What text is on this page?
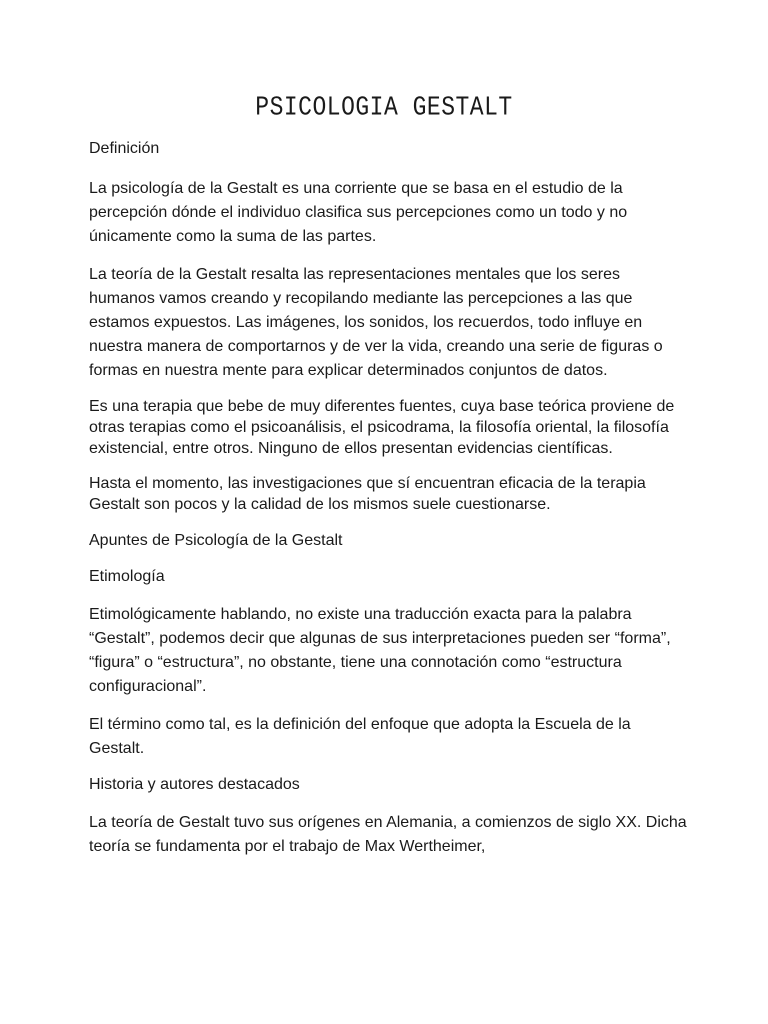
PSICOLOGIA GESTALT

Definición

La psicología de la Gestalt es una corriente que se basa en el estudio de la percepción dónde el individuo clasifica sus percepciones como un todo y no únicamente como la suma de las partes.

La teoría de la Gestalt resalta las representaciones mentales que los seres humanos vamos creando y recopilando mediante las percepciones a las que estamos expuestos. Las imágenes, los sonidos, los recuerdos, todo influye en nuestra manera de comportarnos y de ver la vida, creando una serie de figuras o formas en nuestra mente para explicar determinados conjuntos de datos.

Es una terapia que bebe de muy diferentes fuentes, cuya base teórica proviene de otras terapias como el psicoanálisis, el psicodrama, la filosofía oriental, la filosofía existencial, entre otros. Ninguno de ellos presentan evidencias científicas.

Hasta el momento, las investigaciones que sí encuentran eficacia de la terapia Gestalt son pocos y la calidad de los mismos suele cuestionarse.

Apuntes de Psicología de la Gestalt

Etimología

Etimológicamente hablando, no existe una traducción exacta para la palabra “Gestalt”, podemos decir que algunas de sus interpretaciones pueden ser “forma”, “figura” o “estructura”, no obstante, tiene una connotación como “estructura configuracional”.

El término como tal, es la definición del enfoque que adopta la Escuela de la Gestalt.

Historia y autores destacados

La teoría de Gestalt tuvo sus orígenes en Alemania, a comienzos de siglo XX. Dicha teoría se fundamenta por el trabajo de Max Wertheimer,
